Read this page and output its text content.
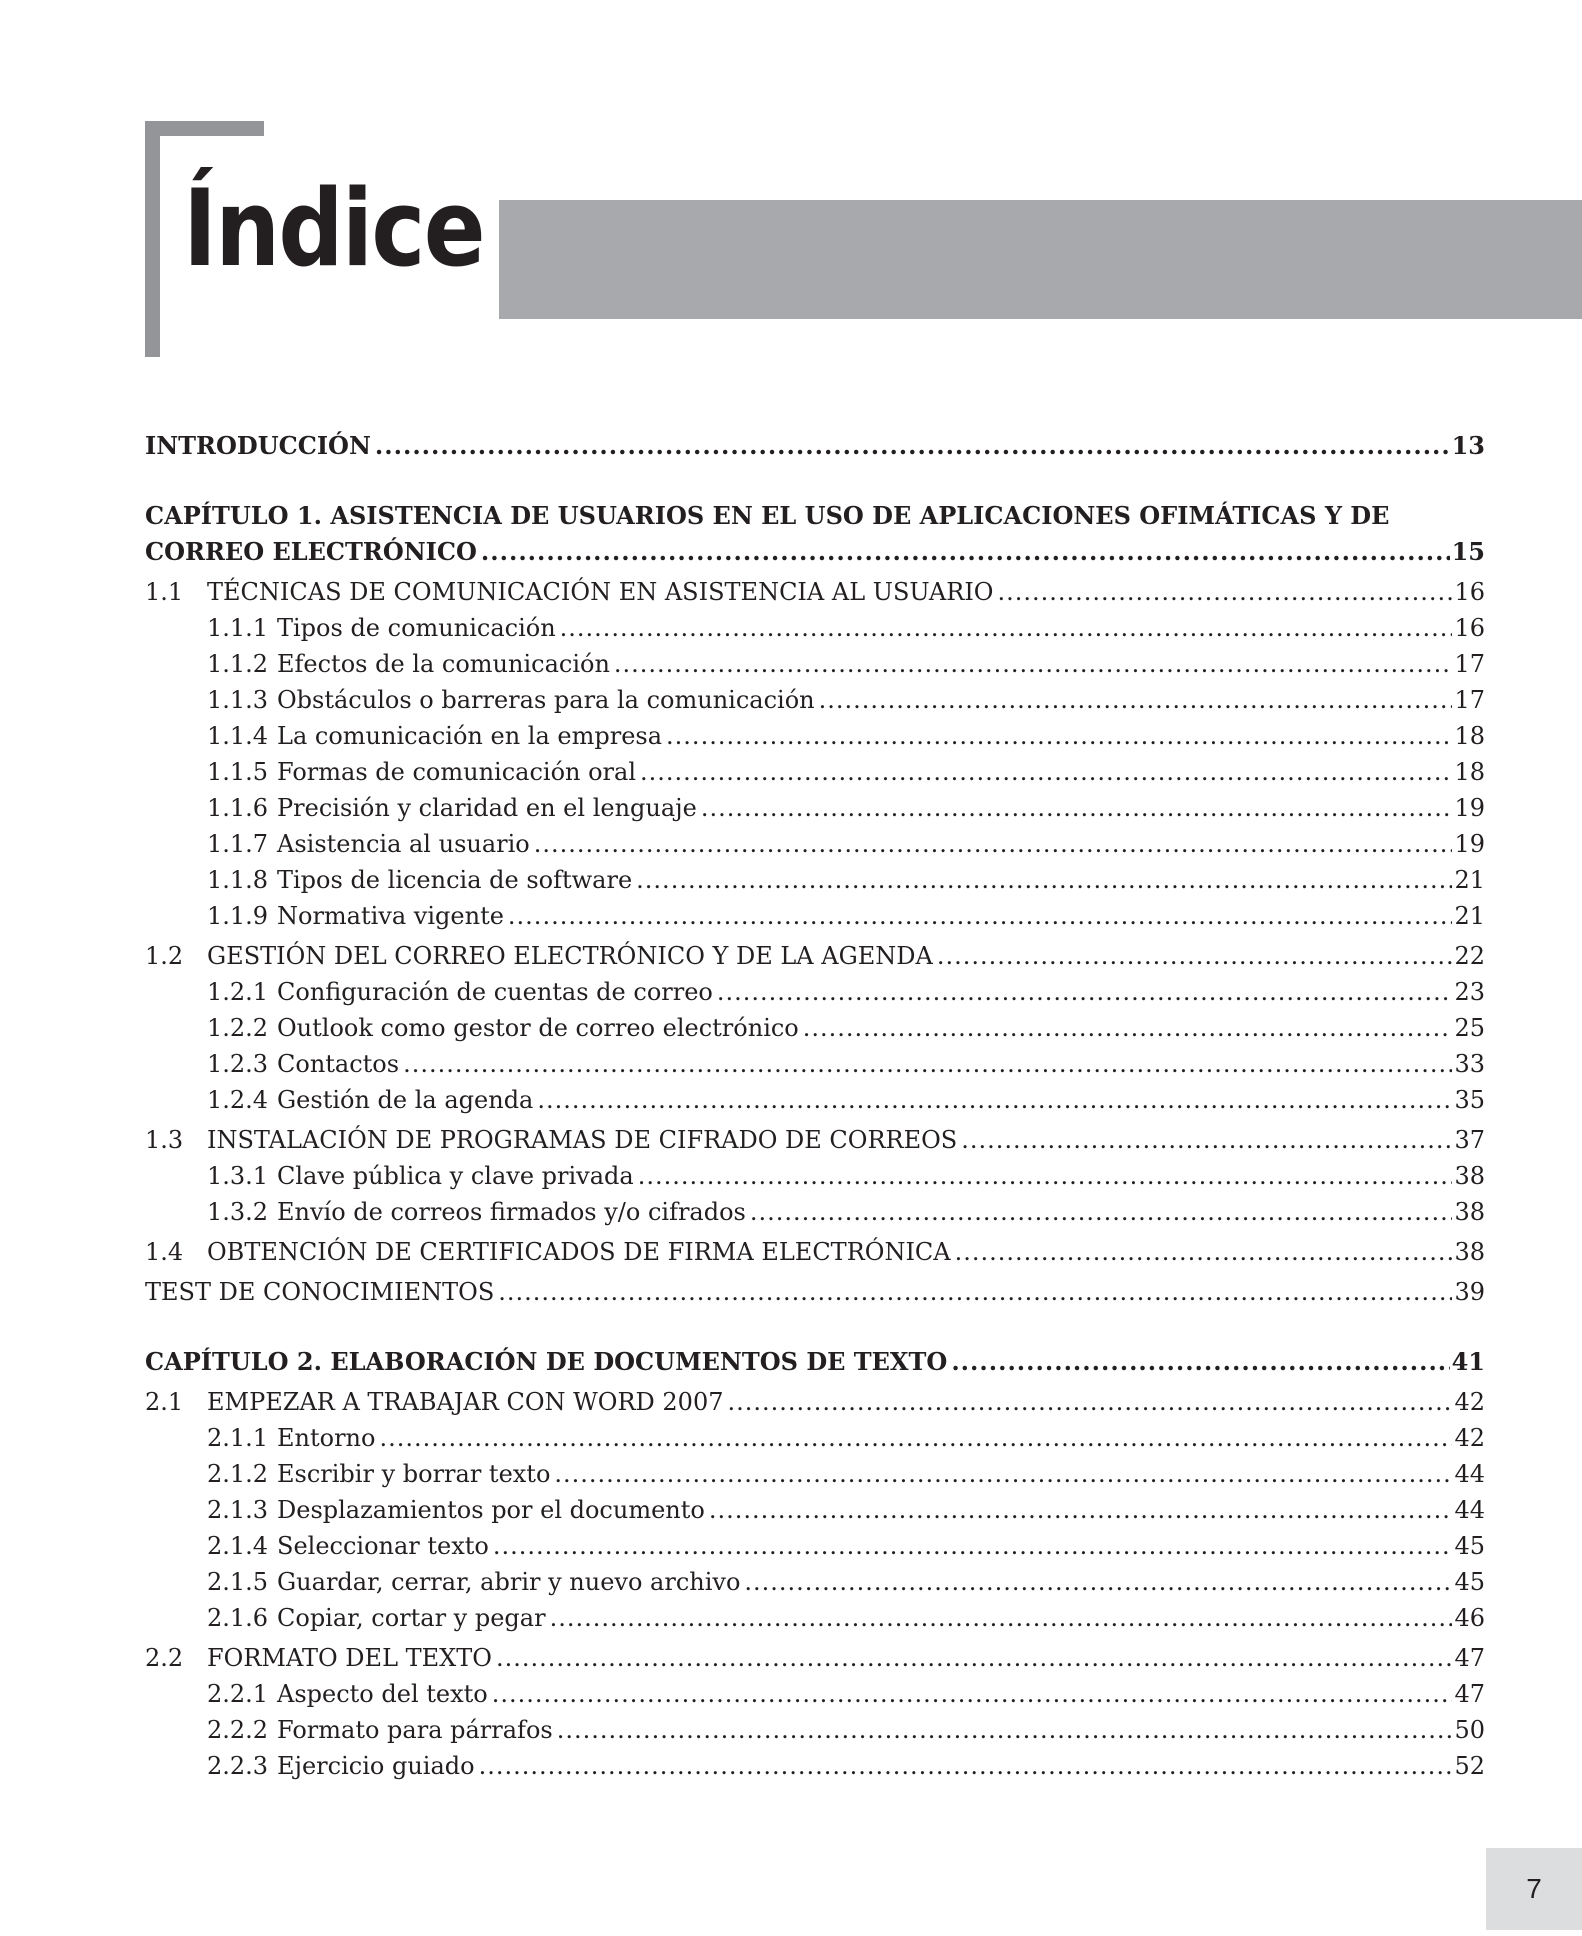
Índice
INTRODUCCIÓN .....	13
CAPÍTULO 1. ASISTENCIA DE USUARIOS EN EL USO DE APLICACIONES OFIMÁTICAS Y DE
CORREO ELECTRÓNICO .....	15
1.1 TÉCNICAS DE COMUNICACIÓN EN ASISTENCIA AL USUARIO .....	16
1.1.1 Tipos de comunicación .....	16
1.1.2 Efectos de la comunicación .....	17
1.1.3 Obstáculos o barreras para la comunicación .....	17
1.1.4 La comunicación en la empresa .....	18
1.1.5 Formas de comunicación oral .....	18
1.1.6 Precisión y claridad en el lenguaje .....	19
1.1.7 Asistencia al usuario .....	19
1.1.8 Tipos de licencia de software .....	21
1.1.9 Normativa vigente .....	21
1.2 GESTIÓN DEL CORREO ELECTRÓNICO Y DE LA AGENDA .....	22
1.2.1 Configuración de cuentas de correo .....	23
1.2.2 Outlook como gestor de correo electrónico .....	25
1.2.3 Contactos .....	33
1.2.4 Gestión de la agenda .....	35
1.3 INSTALACIÓN DE PROGRAMAS DE CIFRADO DE CORREOS .....	37
1.3.1 Clave pública y clave privada .....	38
1.3.2 Envío de correos firmados y/o cifrados .....	38
1.4 OBTENCIÓN DE CERTIFICADOS DE FIRMA ELECTRÓNICA .....	38
TEST DE CONOCIMIENTOS .....	39
CAPÍTULO 2. ELABORACIÓN DE DOCUMENTOS DE TEXTO .....	41
2.1 EMPEZAR A TRABAJAR CON WORD 2007 .....	42
2.1.1 Entorno .....	42
2.1.2 Escribir y borrar texto .....	44
2.1.3 Desplazamientos por el documento .....	44
2.1.4 Seleccionar texto .....	45
2.1.5 Guardar, cerrar, abrir y nuevo archivo .....	45
2.1.6 Copiar, cortar y pegar .....	46
2.2 FORMATO DEL TEXTO .....	47
2.2.1 Aspecto del texto .....	47
2.2.2 Formato para párrafos .....	50
2.2.3 Ejercicio guiado .....	52
7
